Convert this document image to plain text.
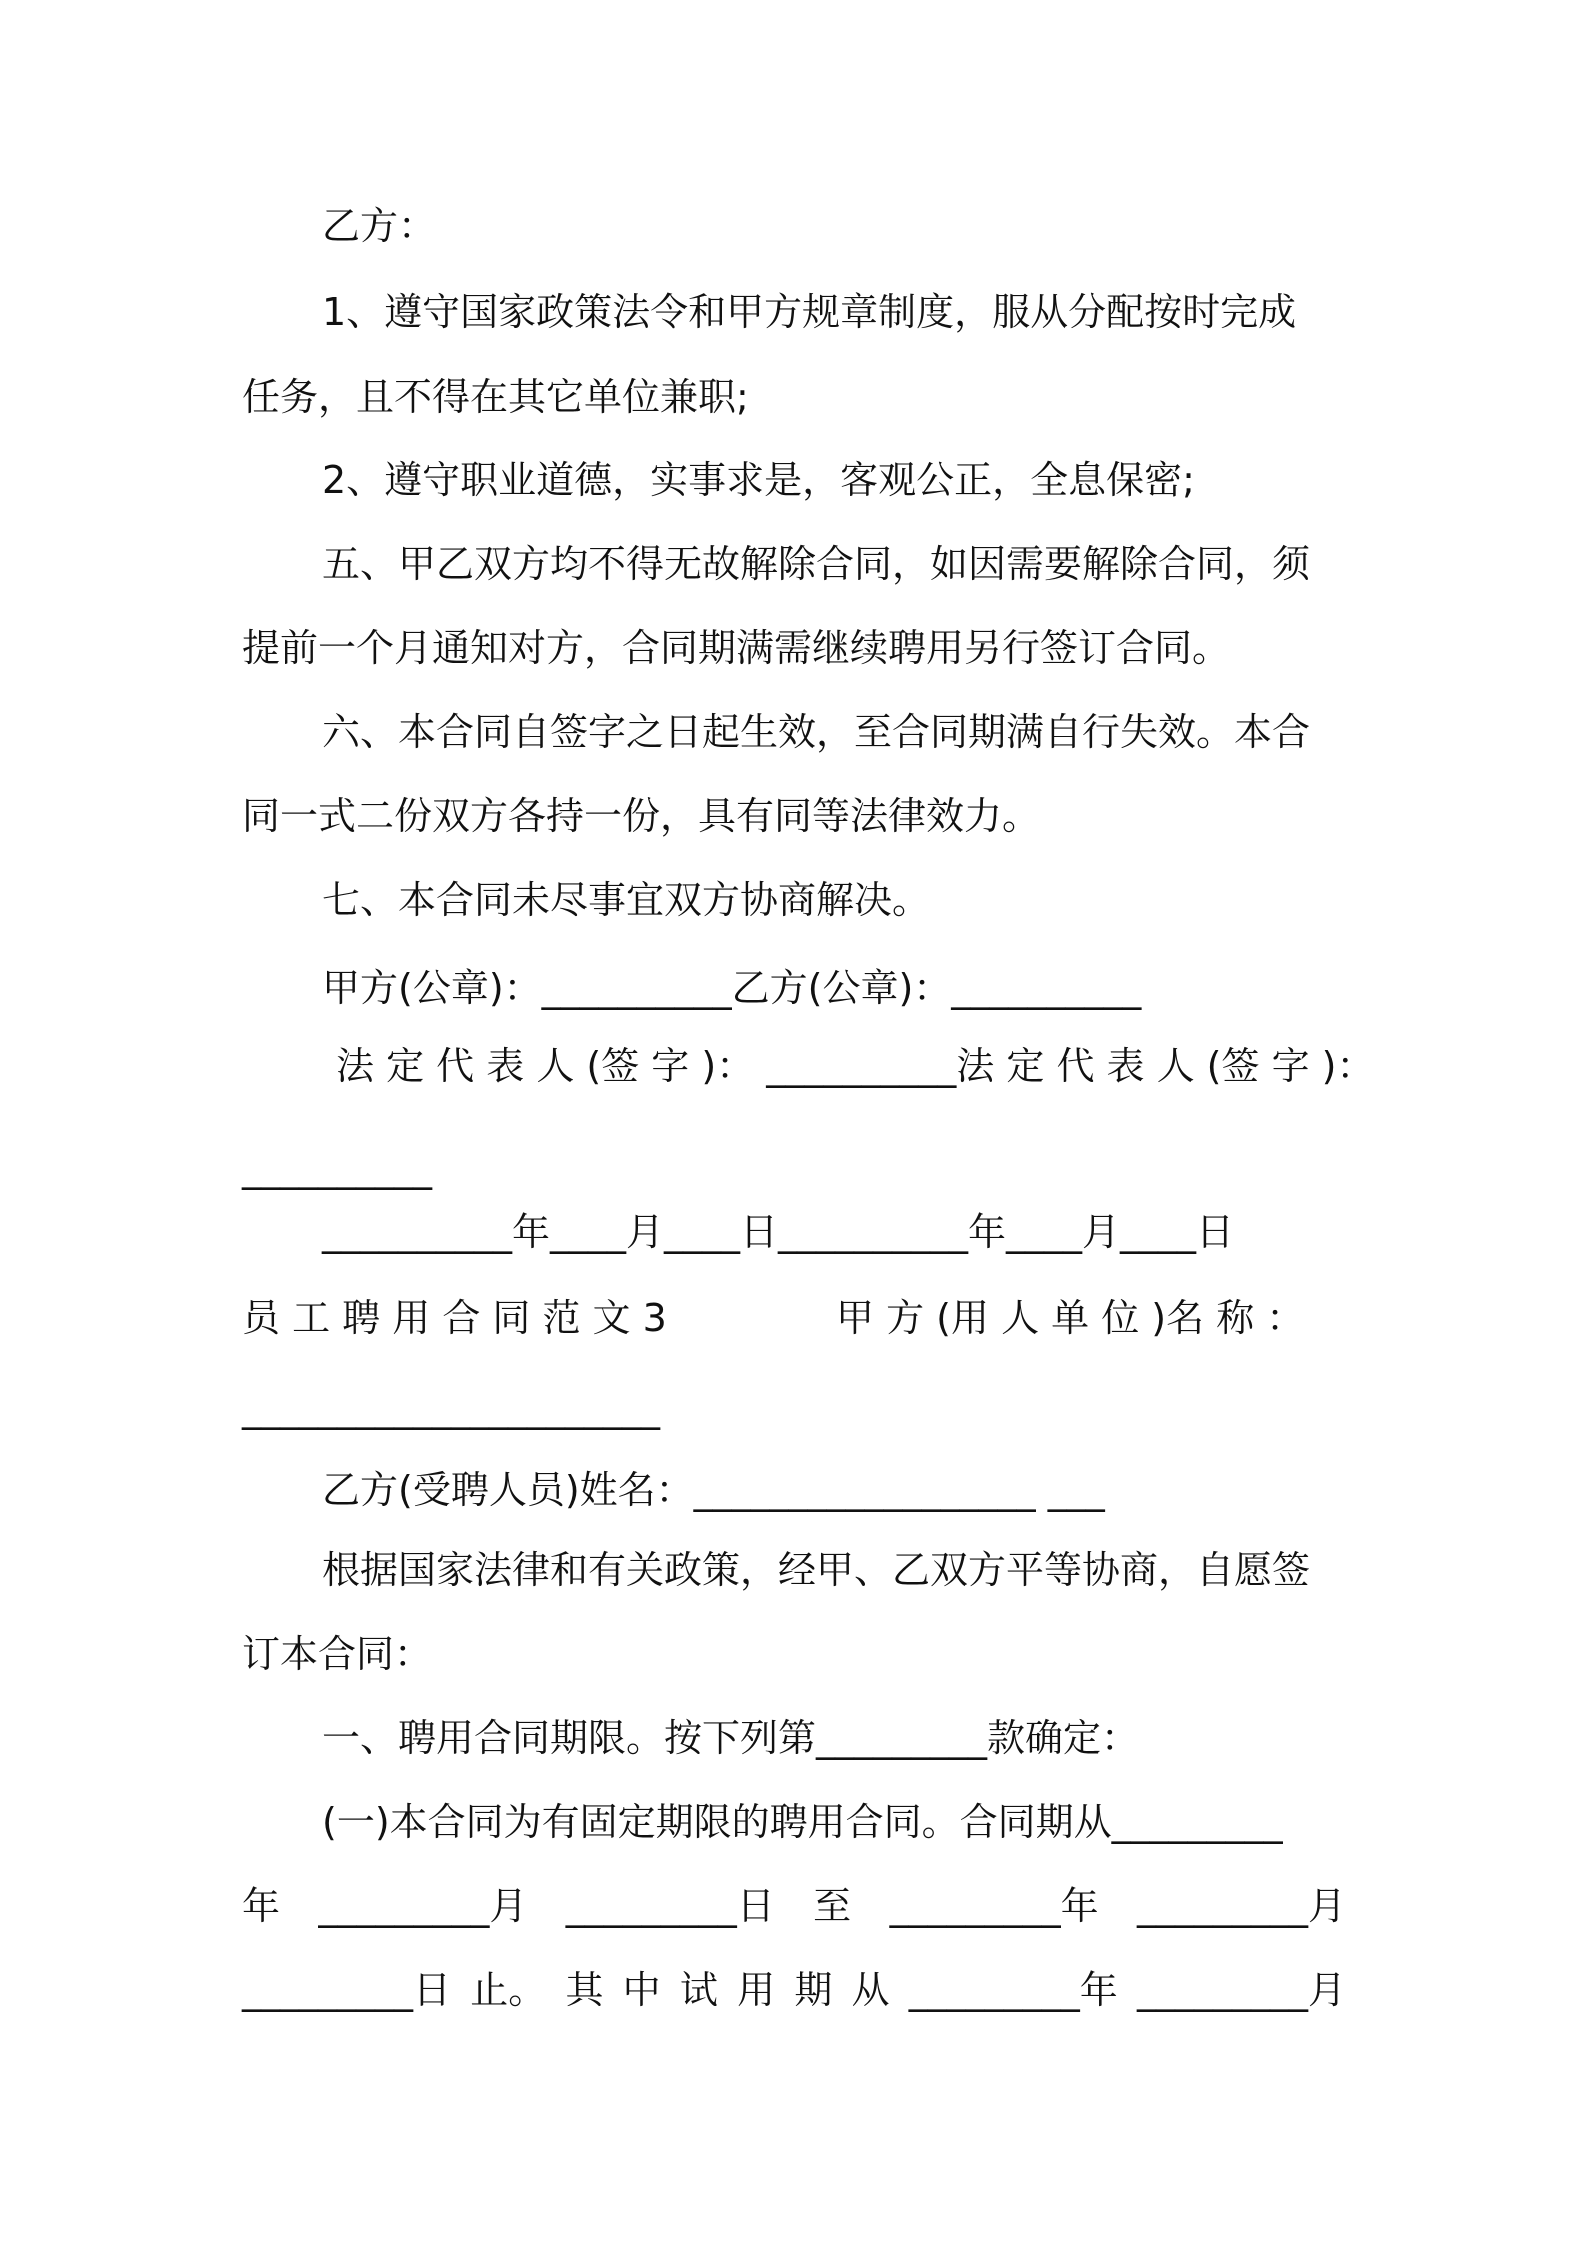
乙方：
1、遵守国家政策法令和甲方规章制度，服从分配按时完成
任务，且不得在其它单位兼职;
2、遵守职业道德，实事求是，客观公正，全息保密;
五、甲乙双方均不得无故解除合同，如因需要解除合同，须
提前一个月通知对方，合同期满需继续聘用另行签订合同。
六、本合同自签字之日起生效，至合同期满自行失效。本合
同一式二份双方各持一份，具有同等法律效力。
七、本合同未尽事宜双方协商解决。
甲方(公章)：__________乙方(公章)：__________
法 定 代 表 人 (签 字 )： __________法 定 代 表 人 (签 字 )：
__________
__________年____月____日__________年____月____日
员 工 聘 用 合 同 范 文 3	甲 方 (用 人 单 位 )名 称 ：
______________________
乙方(受聘人员)姓名：__________________ ___
根据国家法律和有关政策，经甲、乙双方平等协商，自愿签
订本合同：
一、聘用合同期限。按下列第_________款确定：
(一)本合同为有固定期限的聘用合同。合同期从_________
年 _________月 _________日 至 _________年 _________月
_________日 止。 其 中 试 用 期 从 _________年 _________月
